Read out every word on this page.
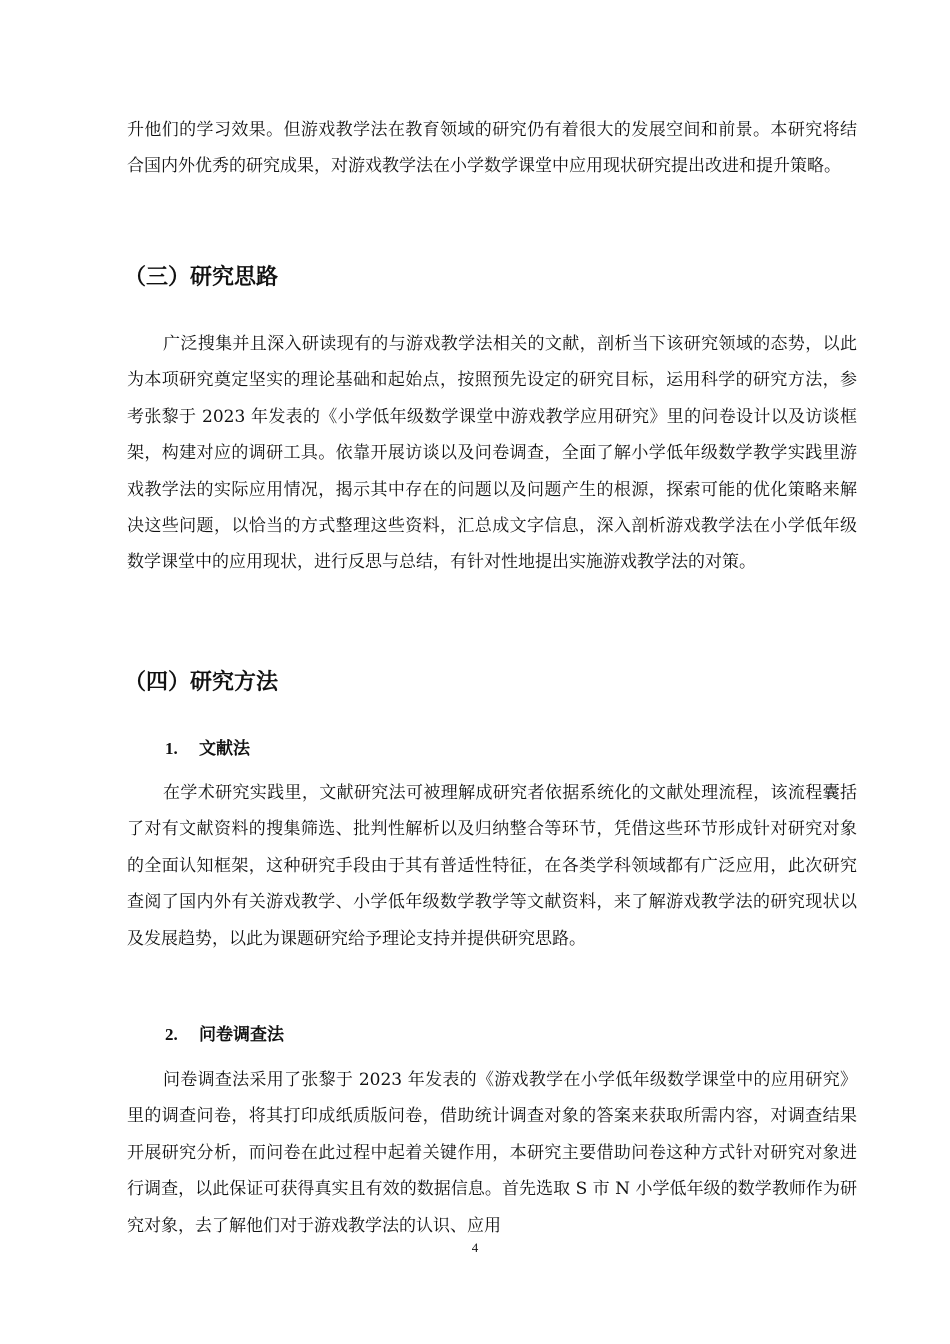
升他们的学习效果。但游戏教学法在教育领域的研究仍有着很大的发展空间和前景。本研究将结合国内外优秀的研究成果，对游戏教学法在小学数学课堂中应用现状研究提出改进和提升策略。

（三）研究思路

广泛搜集并且深入研读现有的与游戏教学法相关的文献，剖析当下该研究领域的态势，以此为本项研究奠定坚实的理论基础和起始点，按照预先设定的研究目标，运用科学的研究方法，参考张黎于 2023 年发表的《小学低年级数学课堂中游戏教学应用研究》里的问卷设计以及访谈框架，构建对应的调研工具。依靠开展访谈以及问卷调查，全面了解小学低年级数学教学实践里游戏教学法的实际应用情况，揭示其中存在的问题以及问题产生的根源，探索可能的优化策略来解决这些问题，以恰当的方式整理这些资料，汇总成文字信息，深入剖析游戏教学法在小学低年级数学课堂中的应用现状，进行反思与总结，有针对性地提出实施游戏教学法的对策。

（四）研究方法
1.	文献法

在学术研究实践里，文献研究法可被理解成研究者依据系统化的文献处理流程，该流程囊括了对有文献资料的搜集筛选、批判性解析以及归纳整合等环节，凭借这些环节形成针对研究对象的全面认知框架，这种研究手段由于其有普适性特征，在各类学科领域都有广泛应用，此次研究查阅了国内外有关游戏教学、小学低年级数学教学等文献资料，来了解游戏教学法的研究现状以及发展趋势，以此为课题研究给予理论支持并提供研究思路。

2.	问卷调查法

问卷调查法采用了张黎于 2023 年发表的《游戏教学在小学低年级数学课堂中的应用研究》里的调查问卷，将其打印成纸质版问卷，借助统计调查对象的答案来获取所需内容，对调查结果开展研究分析，而问卷在此过程中起着关键作用，本研究主要借助问卷这种方式针对研究对象进行调查，以此保证可获得真实且有效的数据信息。首先选取 S 市 N 小学低年级的数学教师作为研究对象，去了解他们对于游戏教学法的认识、应用

4
